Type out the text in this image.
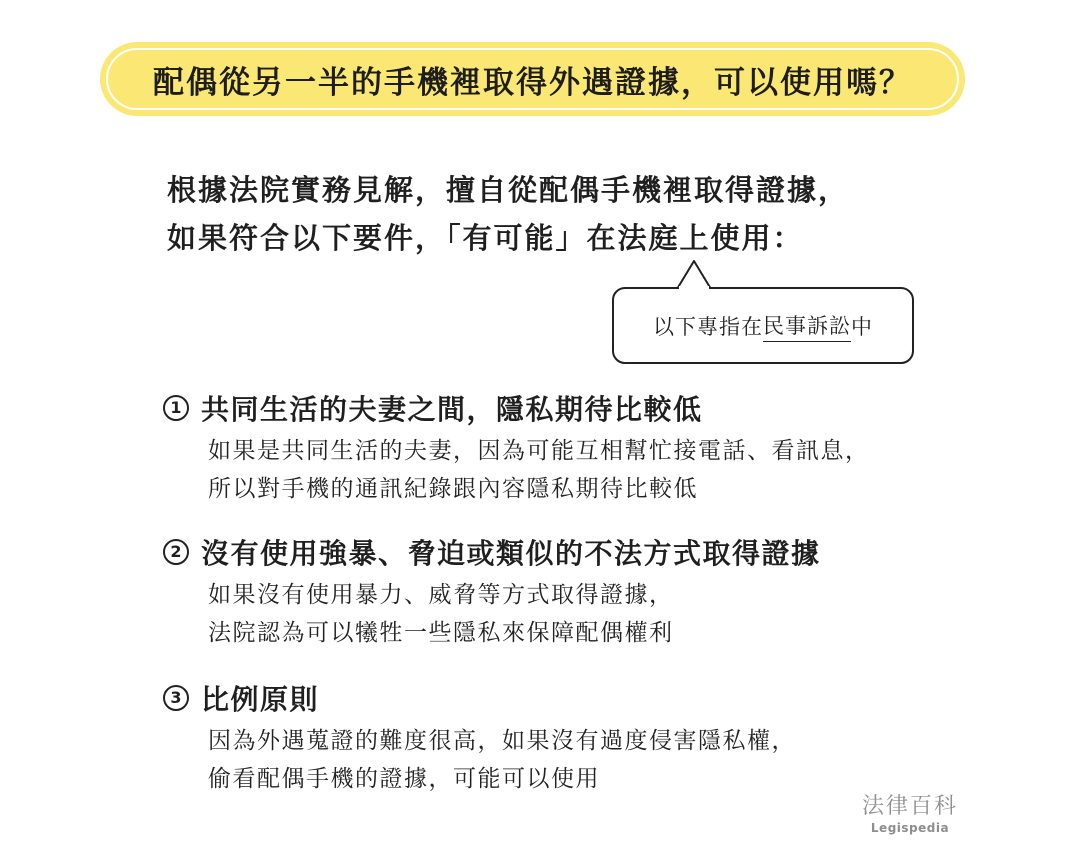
配偶從另一半的手機裡取得外遇證據，可以使用嗎？
根據法院實務見解，擅自從配偶手機裡取得證據，
如果符合以下要件，「有可能」在法庭上使用：
以下專指在 民事訴訟 中
1 共同生活的夫妻之間，隱私期待比較低
如果是共同生活的夫妻，因為可能互相幫忙接電話、看訊息，
所以對手機的通訊紀錄跟內容隱私期待比較低
2 沒有使用強暴、脅迫或類似的不法方式取得證據
如果沒有使用暴力、威脅等方式取得證據，
法院認為可以犧牲一些隱私來保障配偶權利
3 比例原則
因為外遇蒐證的難度很高，如果沒有過度侵害隱私權，
偷看配偶手機的證據，可能可以使用
法律百科
Legispedia
